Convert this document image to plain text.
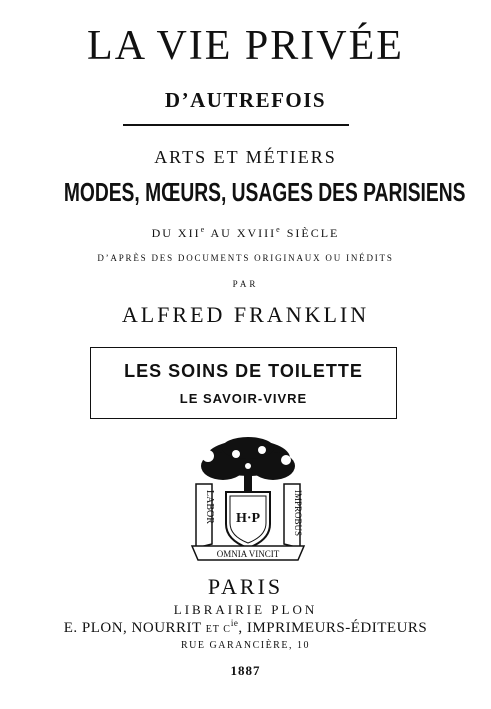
LA VIE PRIVÉE
D’AUTREFOIS
ARTS ET MÉTIERS
MODES, MŒURS, USAGES DES PARISIENS
DU XIIe AU XVIIIe SIÈCLE
D’APRÈS DES DOCUMENTS ORIGINAUX OU INÉDITS
PAR
ALFRED FRANKLIN
LES SOINS DE TOILETTE
LE SAVOIR-VIVRE
H·P
LABOR	IMPROBUS
OMNIA VINCIT
PARIS
LIBRAIRIE PLON
E. PLON, NOURRIT ET $C^{ie}$, IMPRIMEURS-ÉDITEURS
RUE GARANCIÈRE, 10
1887
